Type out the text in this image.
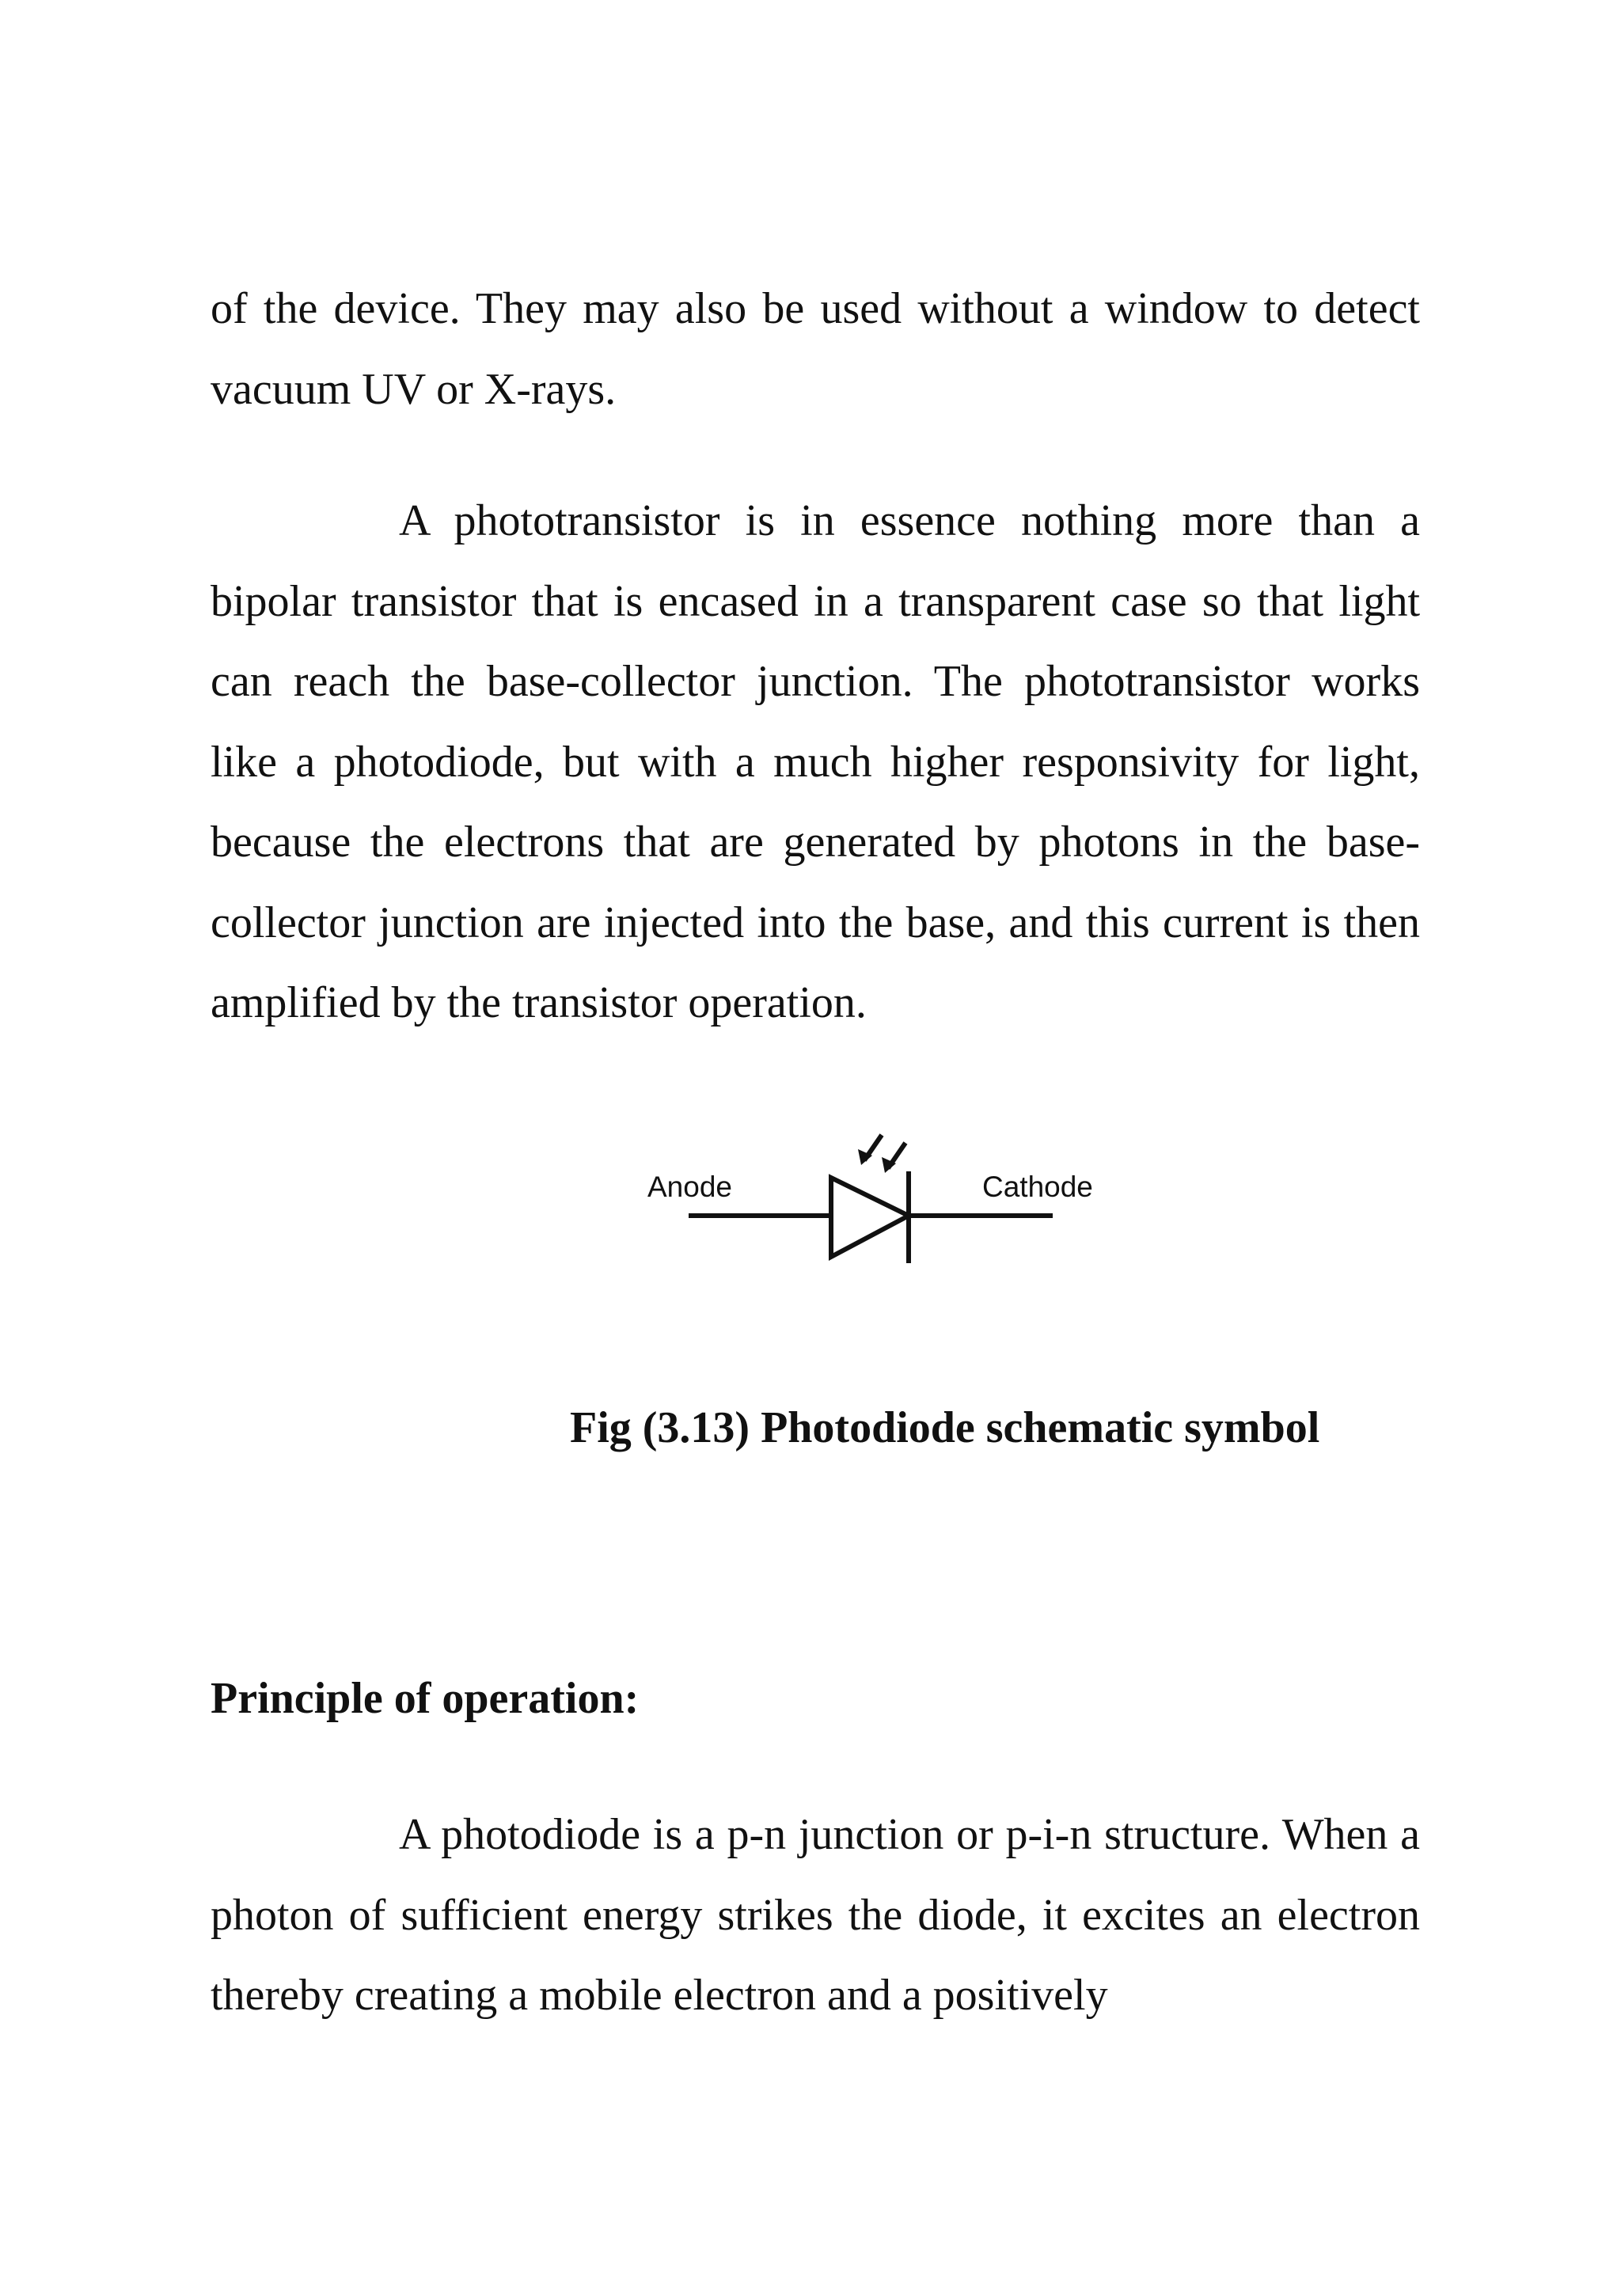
of the device. They may also be used without a window to detect vacuum UV or X-rays.

A phototransistor is in essence nothing more than a bipolar transistor that is encased in a transparent case so that light can reach the base-collector junction. The phototransistor works like a photodiode, but with a much higher responsivity for light, because the electrons that are generated by photons in the base-collector junction are injected into the base, and this current is then amplified by the transistor operation.

Anode	Cathode

Fig (3.13) Photodiode schematic symbol

Principle of operation:

A photodiode is a p-n junction or p-i-n structure. When a photon of sufficient energy strikes the diode, it excites an electron thereby creating a mobile electron and a positively
